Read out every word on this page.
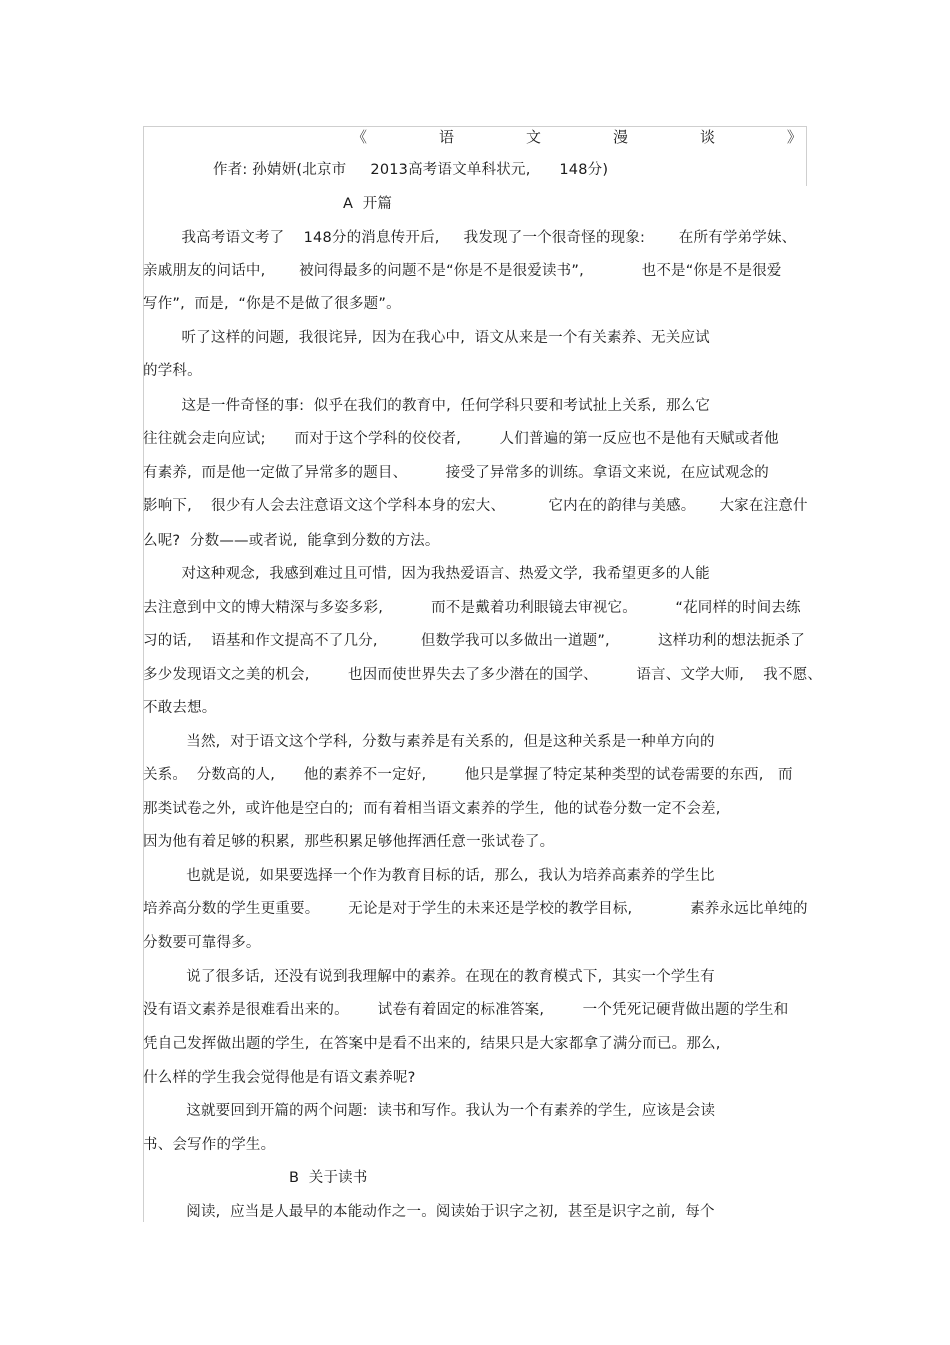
《	语	文	漫	谈	》
作者: 孙婧妍(北京市     2013高考语文单科状元,      148分)
A  开篇
我高考语文考了    148分的消息传开后,     我发现了一个很奇怪的现象:       在所有学弟学妹、
亲戚朋友的问话中,       被问得最多的问题不是“你是不是很爱读书”,            也不是“你是不是很爱
写作”,  而是,  “你是不是做了很多题”。
听了这样的问题,  我很诧异,  因为在我心中,  语文从来是一个有关素养、无关应试
的学科。
这是一件奇怪的事:  似乎在我们的教育中,  任何学科只要和考试扯上关系,  那么它
往往就会走向应试;      而对于这个学科的佼佼者,        人们普遍的第一反应也不是他有天赋或者他
有素养,  而是他一定做了异常多的题目、        接受了异常多的训练。拿语文来说,  在应试观念的
影响下,    很少有人会去注意语文这个学科本身的宏大、         它内在的韵律与美感。     大家在注意什
么呢?  分数——或者说,  能拿到分数的方法。
对这种观念,  我感到难过且可惜,  因为我热爱语言、热爱文学,  我希望更多的人能
去注意到中文的博大精深与多姿多彩,          而不是戴着功利眼镜去审视它。        “花同样的时间去练
习的话,    语基和作文提高不了几分,         但数学我可以多做出一道题”,          这样功利的想法扼杀了
多少发现语文之美的机会,        也因而使世界失去了多少潜在的国学、        语言、文学大师,    我不愿、
不敢去想。
当然,  对于语文这个学科,  分数与素养是有关系的,  但是这种关系是一种单方向的
关系。  分数高的人,      他的素养不一定好,        他只是掌握了特定某种类型的试卷需要的东西,   而
那类试卷之外,  或许他是空白的;  而有着相当语文素养的学生,  他的试卷分数一定不会差,
因为他有着足够的积累,  那些积累足够他挥洒任意一张试卷了。
也就是说,  如果要选择一个作为教育目标的话,  那么,  我认为培养高素养的学生比
培养高分数的学生更重要。      无论是对于学生的未来还是学校的教学目标,            素养永远比单纯的
分数要可靠得多。
说了很多话,  还没有说到我理解中的素养。在现在的教育模式下,  其实一个学生有
没有语文素养是很难看出来的。      试卷有着固定的标准答案,        一个凭死记硬背做出题的学生和
凭自己发挥做出题的学生,  在答案中是看不出来的,  结果只是大家都拿了满分而已。那么,
什么样的学生我会觉得他是有语文素养呢?
这就要回到开篇的两个问题:  读书和写作。我认为一个有素养的学生,  应该是会读
书、会写作的学生。
B  关于读书
阅读,  应当是人最早的本能动作之一。阅读始于识字之初,  甚至是识字之前,  每个
